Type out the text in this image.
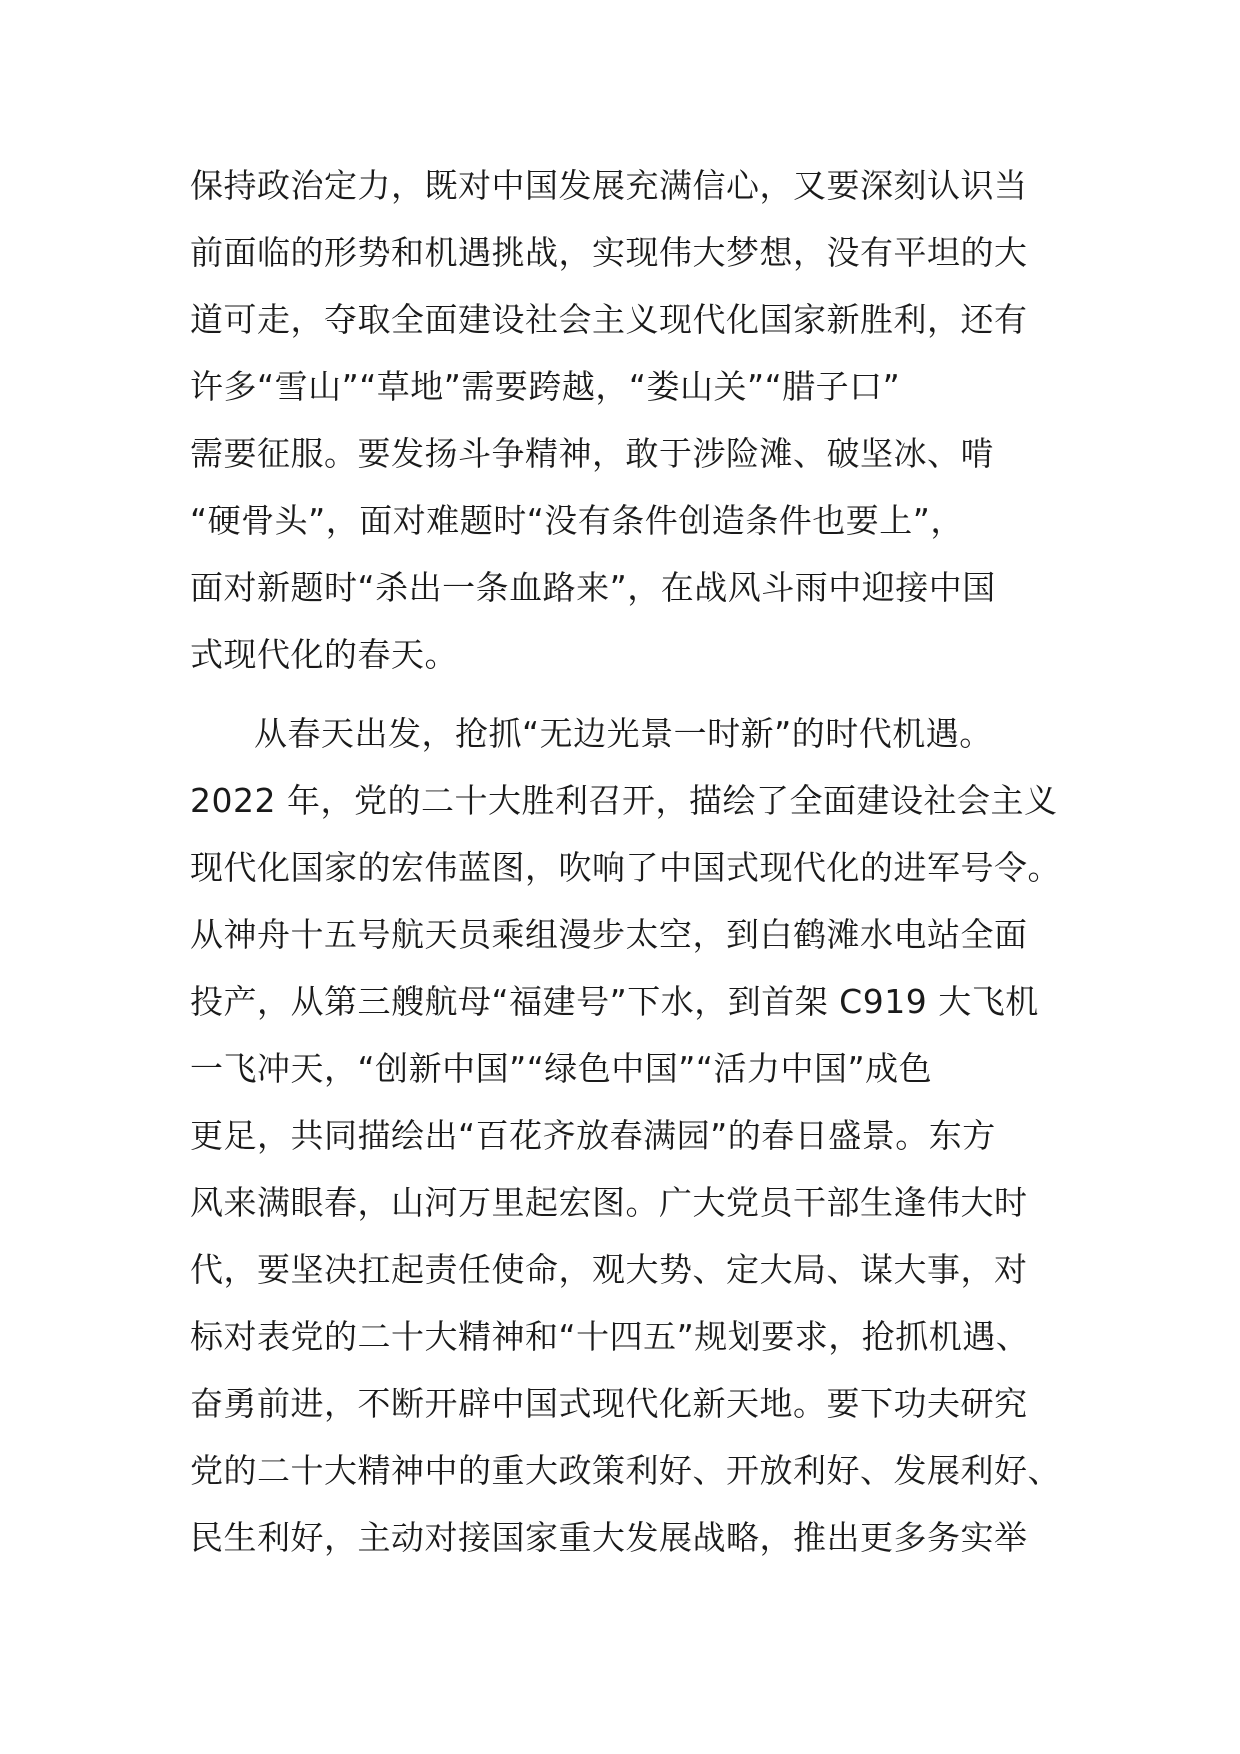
保持政治定力，既对中国发展充满信心，又要深刻认识当
前面临的形势和机遇挑战，实现伟大梦想，没有平坦的大
道可走，夺取全面建设社会主义现代化国家新胜利，还有
许多“雪山”“草地”需要跨越，“娄山关”“腊子口”
需要征服。要发扬斗争精神，敢于涉险滩、破坚冰、啃
“硬骨头”，面对难题时“没有条件创造条件也要上”，
面对新题时“杀出一条血路来”，在战风斗雨中迎接中国
式现代化的春天。
从春天出发，抢抓“无边光景一时新”的时代机遇。
2022 年，党的二十大胜利召开，描绘了全面建设社会主义
现代化国家的宏伟蓝图，吹响了中国式现代化的进军号令。
从神舟十五号航天员乘组漫步太空，到白鹤滩水电站全面
投产，从第三艘航母“福建号”下水，到首架 C919 大飞机
一飞冲天，“创新中国”“绿色中国”“活力中国”成色
更足，共同描绘出“百花齐放春满园”的春日盛景。东方
风来满眼春，山河万里起宏图。广大党员干部生逢伟大时
代，要坚决扛起责任使命，观大势、定大局、谋大事，对
标对表党的二十大精神和“十四五”规划要求，抢抓机遇、
奋勇前进，不断开辟中国式现代化新天地。要下功夫研究
党的二十大精神中的重大政策利好、开放利好、发展利好、
民生利好，主动对接国家重大发展战略，推出更多务实举
